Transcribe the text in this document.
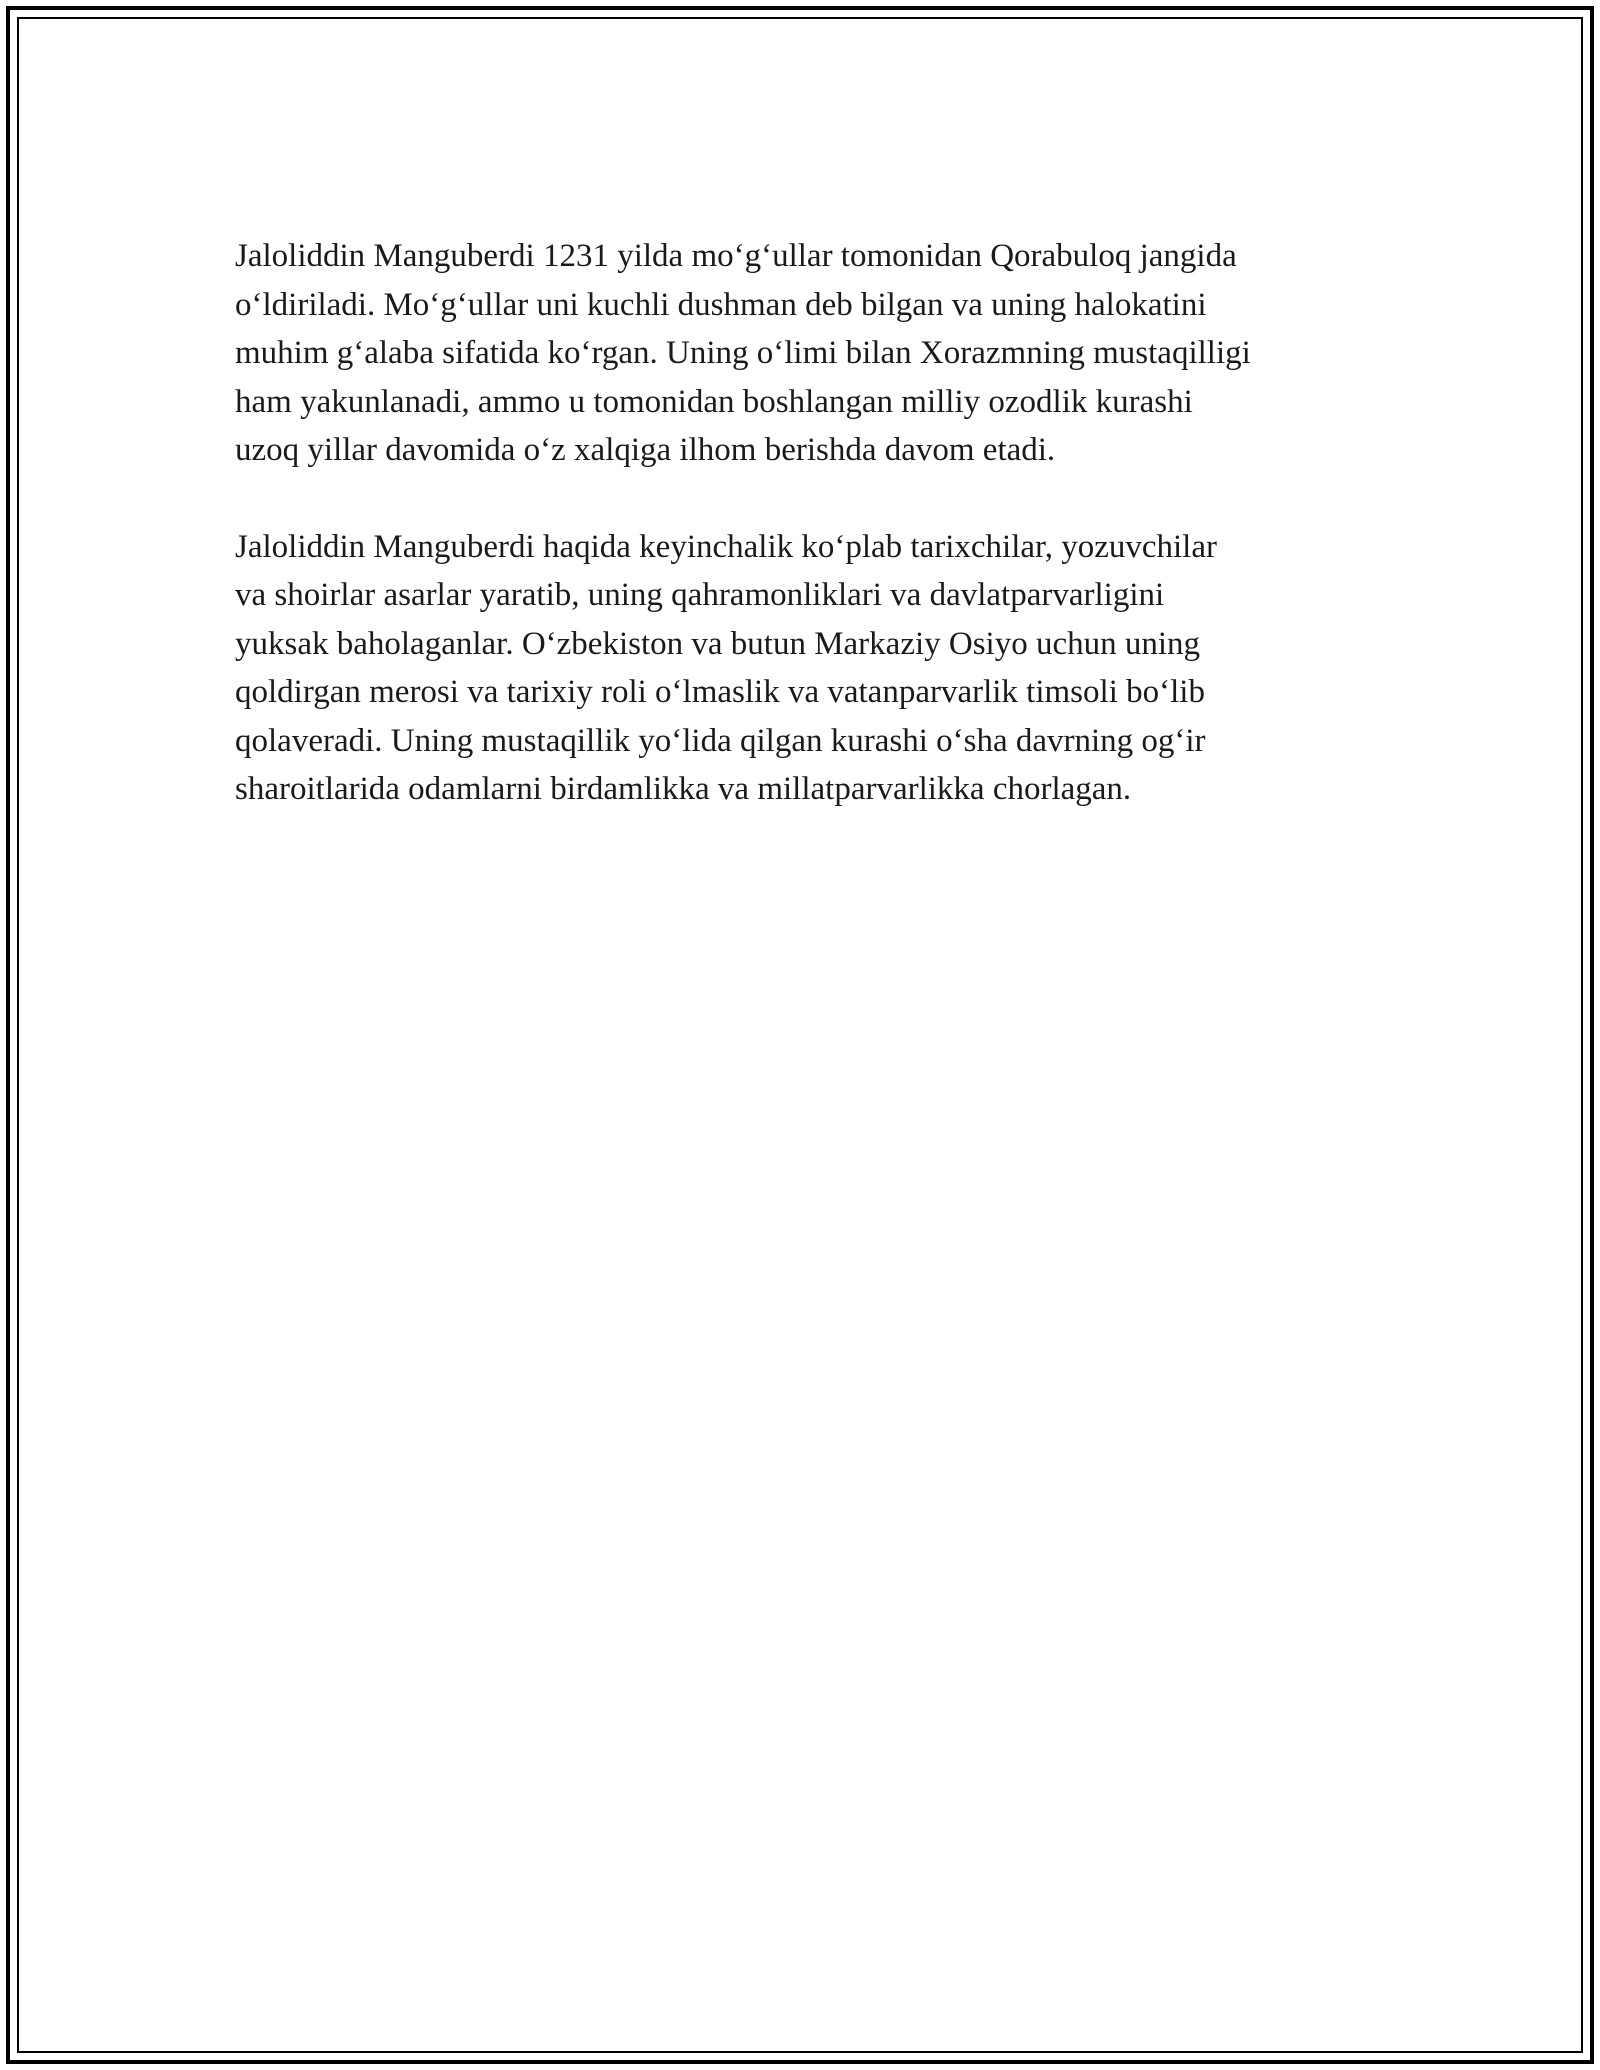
Jaloliddin Manguberdi 1231 yilda moʻgʻullar tomonidan Qorabuloq jangida
oʻldiriladi. Moʻgʻullar uni kuchli dushman deb bilgan va uning halokatini
muhim gʻalaba sifatida koʻrgan. Uning oʻlimi bilan Xorazmning mustaqilligi
ham yakunlanadi, ammo u tomonidan boshlangan milliy ozodlik kurashi
uzoq yillar davomida oʻz xalqiga ilhom berishda davom etadi.

Jaloliddin Manguberdi haqida keyinchalik koʻplab tarixchilar, yozuvchilar
va shoirlar asarlar yaratib, uning qahramonliklari va davlatparvarligini
yuksak baholaganlar. Oʻzbekiston va butun Markaziy Osiyo uchun uning
qoldirgan merosi va tarixiy roli oʻlmaslik va vatanparvarlik timsoli boʻlib
qolaveradi. Uning mustaqillik yoʻlida qilgan kurashi oʻsha davrning ogʻir
sharoitlarida odamlarni birdamlikka va millatparvarlikka chorlagan.
